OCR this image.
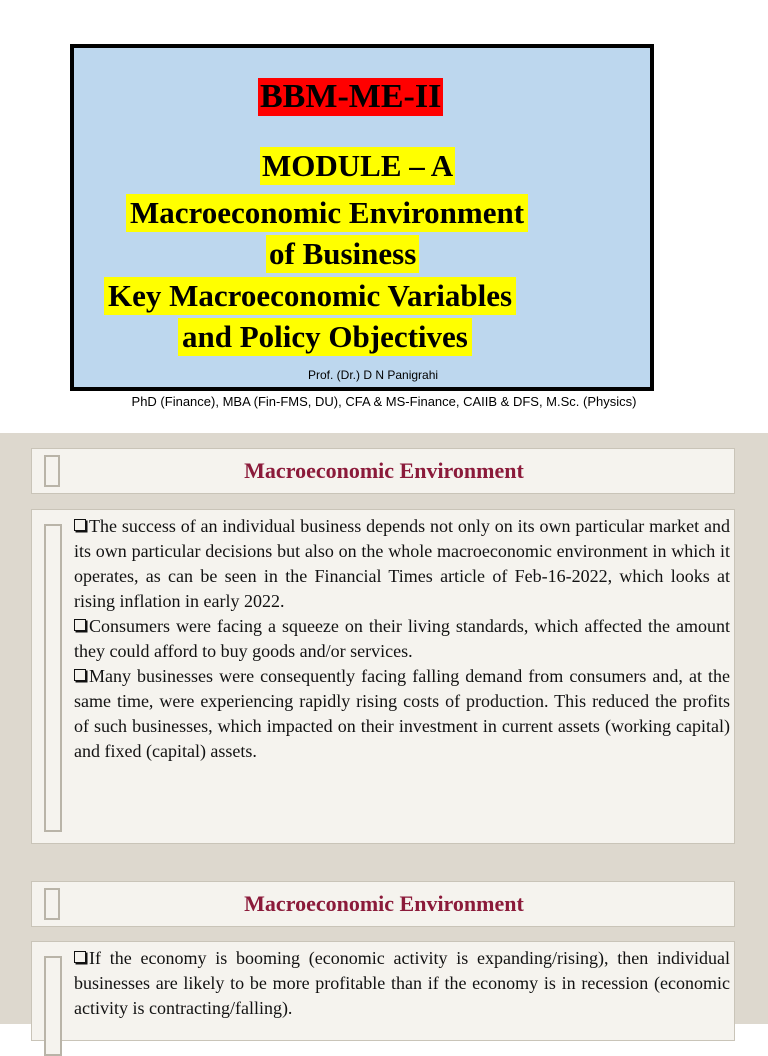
BBM-ME-II
MODULE – A
Macroeconomic Environment
of Business
Key Macroeconomic Variables
and Policy Objectives
Prof. (Dr.) D N Panigrahi
PhD (Finance), MBA (Fin-FMS, DU), CFA & MS-Finance, CAIIB & DFS, M.Sc. (Physics)
Macroeconomic Environment

The success of an individual business depends not only on its own particular market and its own particular decisions but also on the whole macroeconomic environment in which it operates, as can be seen in the Financial Times article of Feb-16-2022, which looks at rising inflation in early 2022.

Consumers were facing a squeeze on their living standards, which affected the amount they could afford to buy goods and/or services.

Many businesses were consequently facing falling demand from consumers and, at the same time, were experiencing rapidly rising costs of production. This reduced the profits of such businesses, which impacted on their investment in current assets (working capital) and fixed (capital) assets.

Macroeconomic Environment

If the economy is booming (economic activity is expanding/rising), then individual businesses are likely to be more profitable than if the economy is in recession (economic activity is contracting/falling).
